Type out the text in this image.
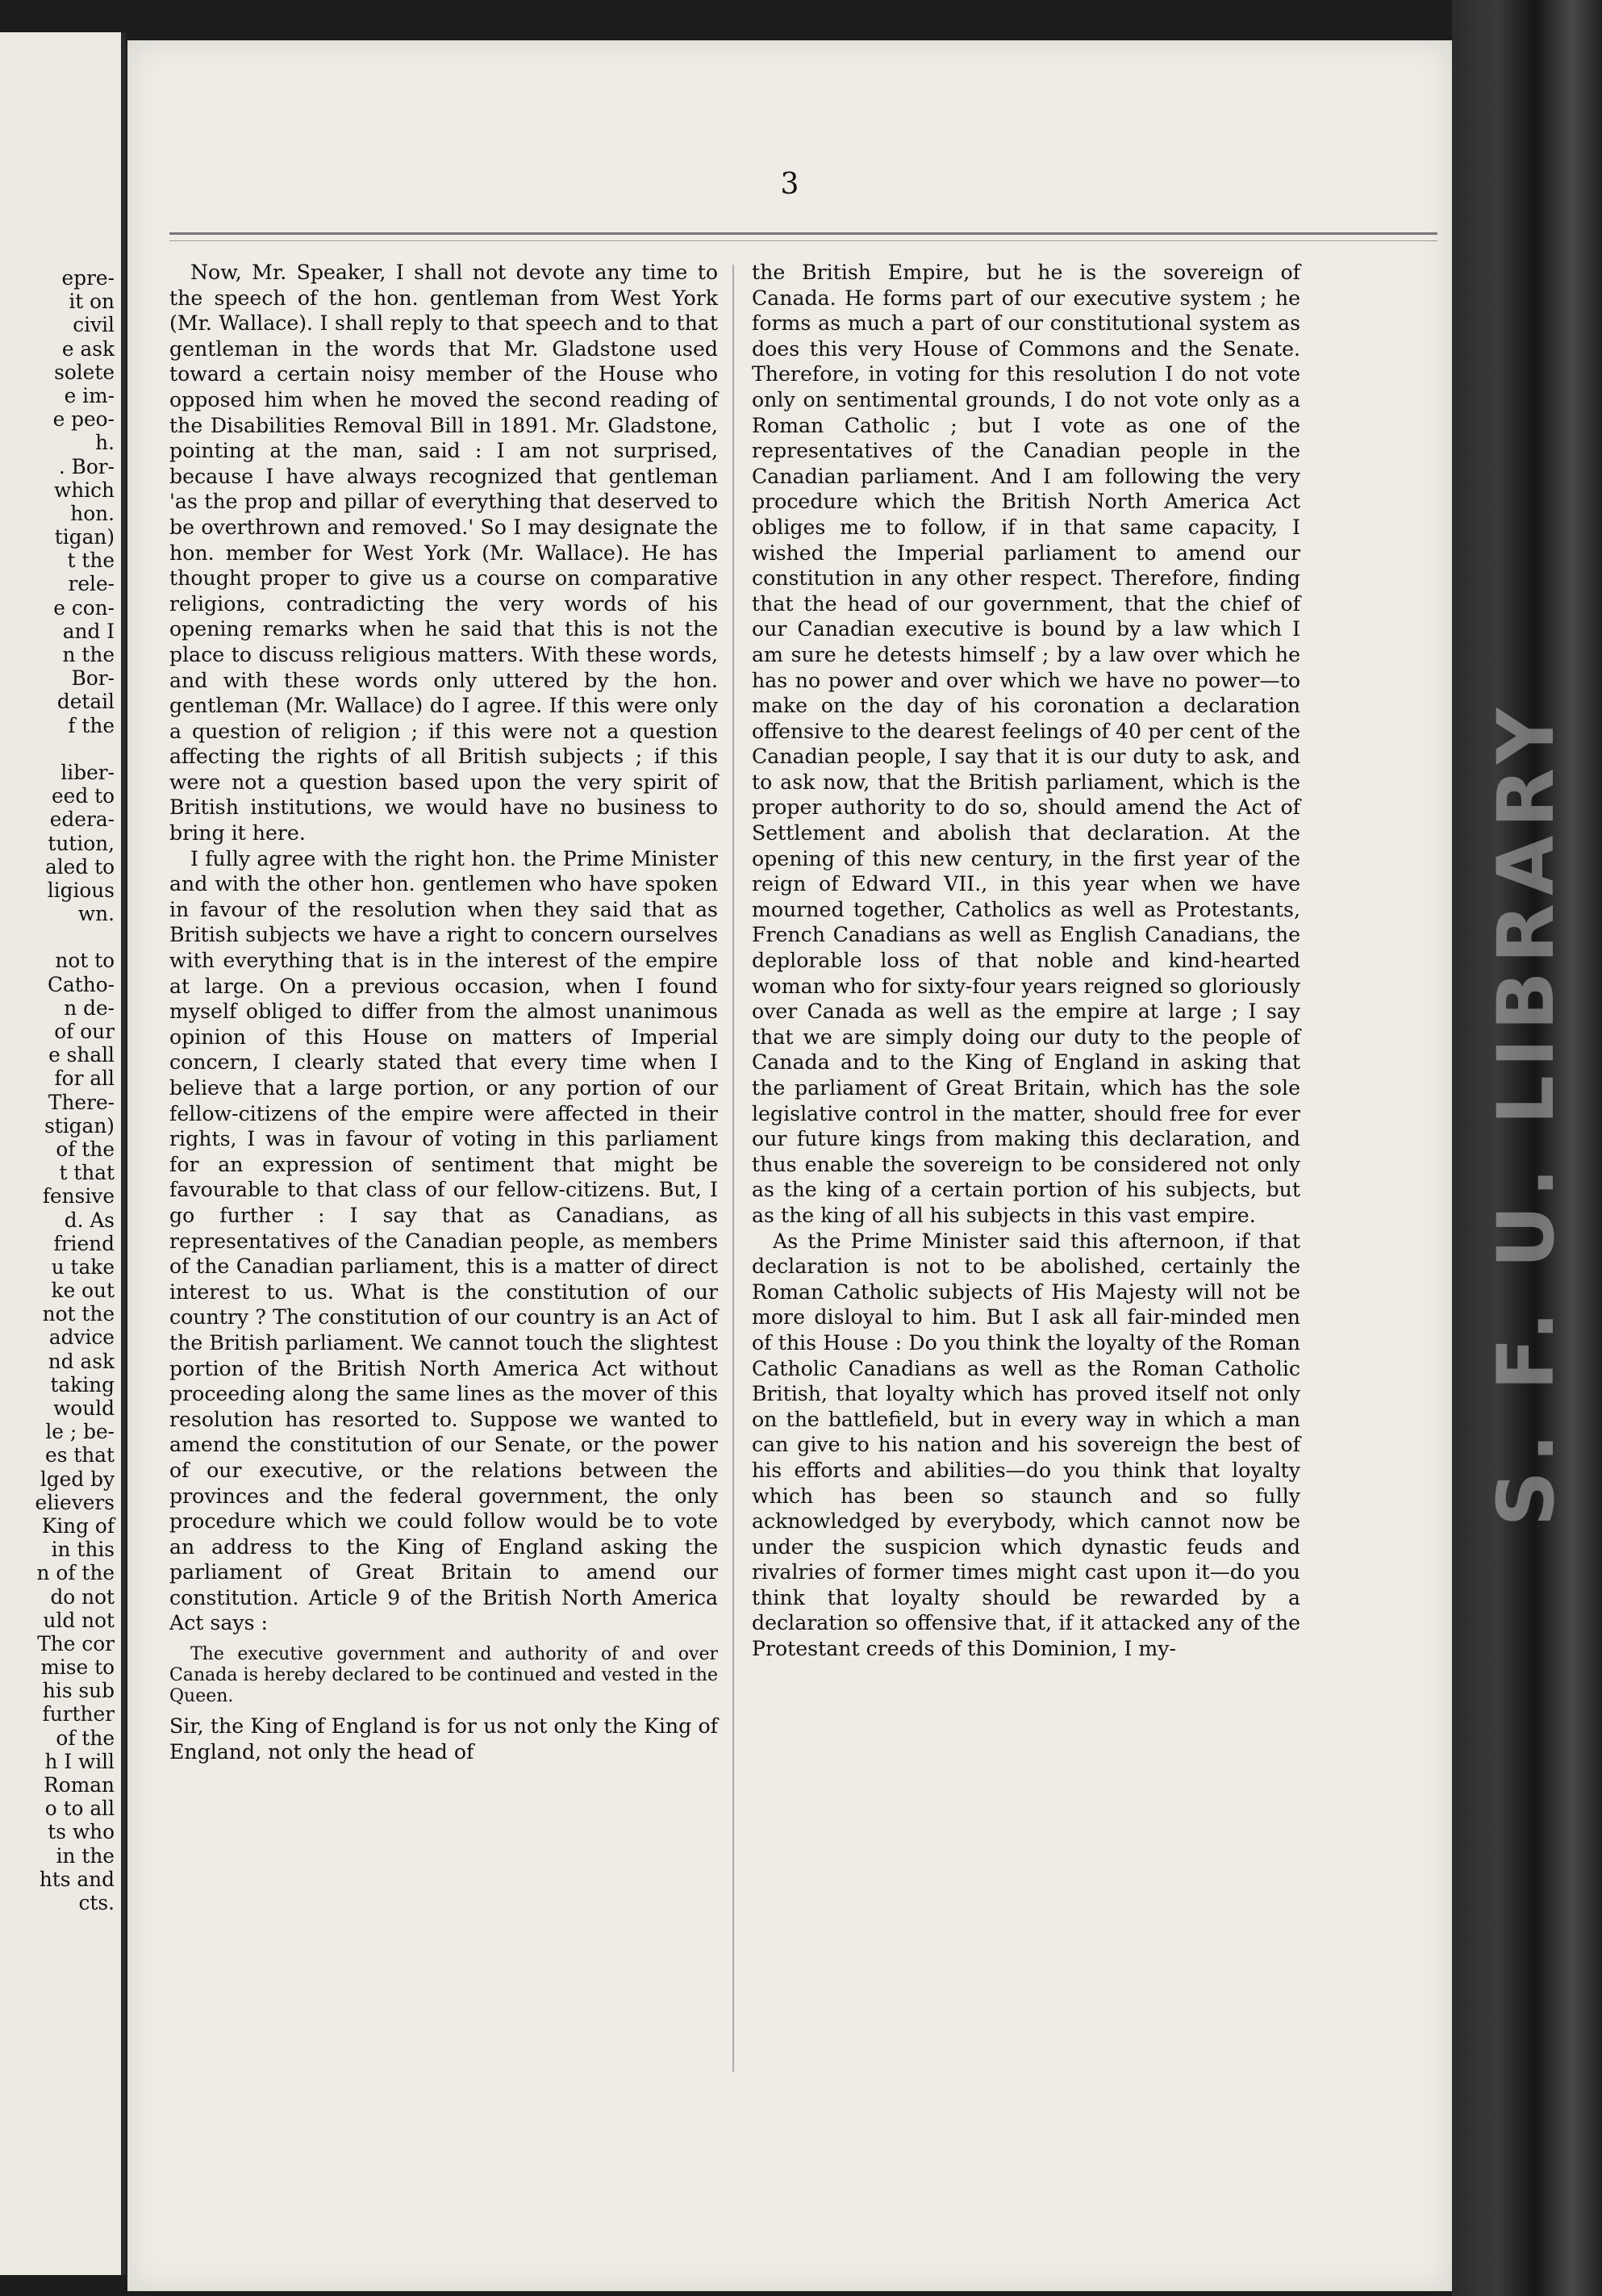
epre-
it on
civil
e ask
solete
e im-
e peo-
h.
. Bor-
which
hon.
tigan)
t the
rele-
e con-
and I
n the
Bor-
detail
f the
liber-
eed to
edera-
tution,
aled to
ligious
wn.
not to
Catho-
n de-
of our
e shall
for all
There-
stigan)
of the
t that
fensive
d. As
friend
u take
ke out
not the
advice
nd ask
taking
would
le ; be-
es that
lged by
elievers
King of
in this
n of the
do not
uld not
The cor
mise to
his sub
further
of the
h I will
Roman
o to all
ts who
in the
hts and
cts.
3

Now, Mr. Speaker, I shall not devote any time to the speech of the hon. gentleman from West York (Mr. Wallace). I shall reply to that speech and to that gentleman in the words that Mr. Gladstone used toward a certain noisy member of the House who opposed him when he moved the second reading of the Disabilities Removal Bill in 1891. Mr. Gladstone, pointing at the man, said : I am not surprised, because I have always recognized that gentleman 'as the prop and pillar of everything that deserved to be overthrown and removed.' So I may designate the hon. member for West York (Mr. Wallace). He has thought proper to give us a course on comparative religions, contradicting the very words of his opening remarks when he said that this is not the place to discuss religious matters. With these words, and with these words only uttered by the hon. gentleman (Mr. Wallace) do I agree. If this were only a question of religion ; if this were not a question affecting the rights of all British subjects ; if this were not a question based upon the very spirit of British institutions, we would have no business to bring it here.

I fully agree with the right hon. the Prime Minister and with the other hon. gentlemen who have spoken in favour of the resolution when they said that as British subjects we have a right to concern ourselves with everything that is in the interest of the empire at large. On a previous occasion, when I found myself obliged to differ from the almost unanimous opinion of this House on matters of Imperial concern, I clearly stated that every time when I believe that a large portion, or any portion of our fellow-citizens of the empire were affected in their rights, I was in favour of voting in this parliament for an expression of sentiment that might be favourable to that class of our fellow-citizens. But, I go further : I say that as Canadians, as representatives of the Canadian people, as members of the Canadian parliament, this is a matter of direct interest to us. What is the constitution of our country ? The constitution of our country is an Act of the British parliament. We cannot touch the slightest portion of the British North America Act without proceeding along the same lines as the mover of this resolution has resorted to. Suppose we wanted to amend the constitution of our Senate, or the power of our executive, or the relations between the provinces and the federal government, the only procedure which we could follow would be to vote an address to the King of England asking the parliament of Great Britain to amend our constitution. Article 9 of the British North America Act says :

The executive government and authority of and over Canada is hereby declared to be continued and vested in the Queen.

Sir, the King of England is for us not only the King of England, not only the head of

the British Empire, but he is the sovereign of Canada. He forms part of our executive system ; he forms as much a part of our constitutional system as does this very House of Commons and the Senate. Therefore, in voting for this resolution I do not vote only on sentimental grounds, I do not vote only as a Roman Catholic ; but I vote as one of the representatives of the Canadian people in the Canadian parliament. And I am following the very procedure which the British North America Act obliges me to follow, if in that same capacity, I wished the Imperial parliament to amend our constitution in any other respect. Therefore, finding that the head of our government, that the chief of our Canadian executive is bound by a law which I am sure he detests himself ; by a law over which he has no power and over which we have no power—to make on the day of his coronation a declaration offensive to the dearest feelings of 40 per cent of the Canadian people, I say that it is our duty to ask, and to ask now, that the British parliament, which is the proper authority to do so, should amend the Act of Settlement and abolish that declaration. At the opening of this new century, in the first year of the reign of Edward VII., in this year when we have mourned together, Catholics as well as Protestants, French Canadians as well as English Canadians, the deplorable loss of that noble and kind-hearted woman who for sixty-four years reigned so gloriously over Canada as well as the empire at large ; I say that we are simply doing our duty to the people of Canada and to the King of England in asking that the parliament of Great Britain, which has the sole legislative control in the matter, should free for ever our future kings from making this declaration, and thus enable the sovereign to be considered not only as the king of a certain portion of his subjects, but as the king of all his subjects in this vast empire.

As the Prime Minister said this afternoon, if that declaration is not to be abolished, certainly the Roman Catholic subjects of His Majesty will not be more disloyal to him. But I ask all fair-minded men of this House : Do you think the loyalty of the Roman Catholic Canadians as well as the Roman Catholic British, that loyalty which has proved itself not only on the battlefield, but in every way in which a man can give to his nation and his sovereign the best of his efforts and abilities—do you think that loyalty which has been so staunch and so fully acknowledged by everybody, which cannot now be under the suspicion which dynastic feuds and rivalries of former times might cast upon it—do you think that loyalty should be rewarded by a declaration so offensive that, if it attacked any of the Protestant creeds of this Dominion, I my-

S. F. U. LIBRARY
